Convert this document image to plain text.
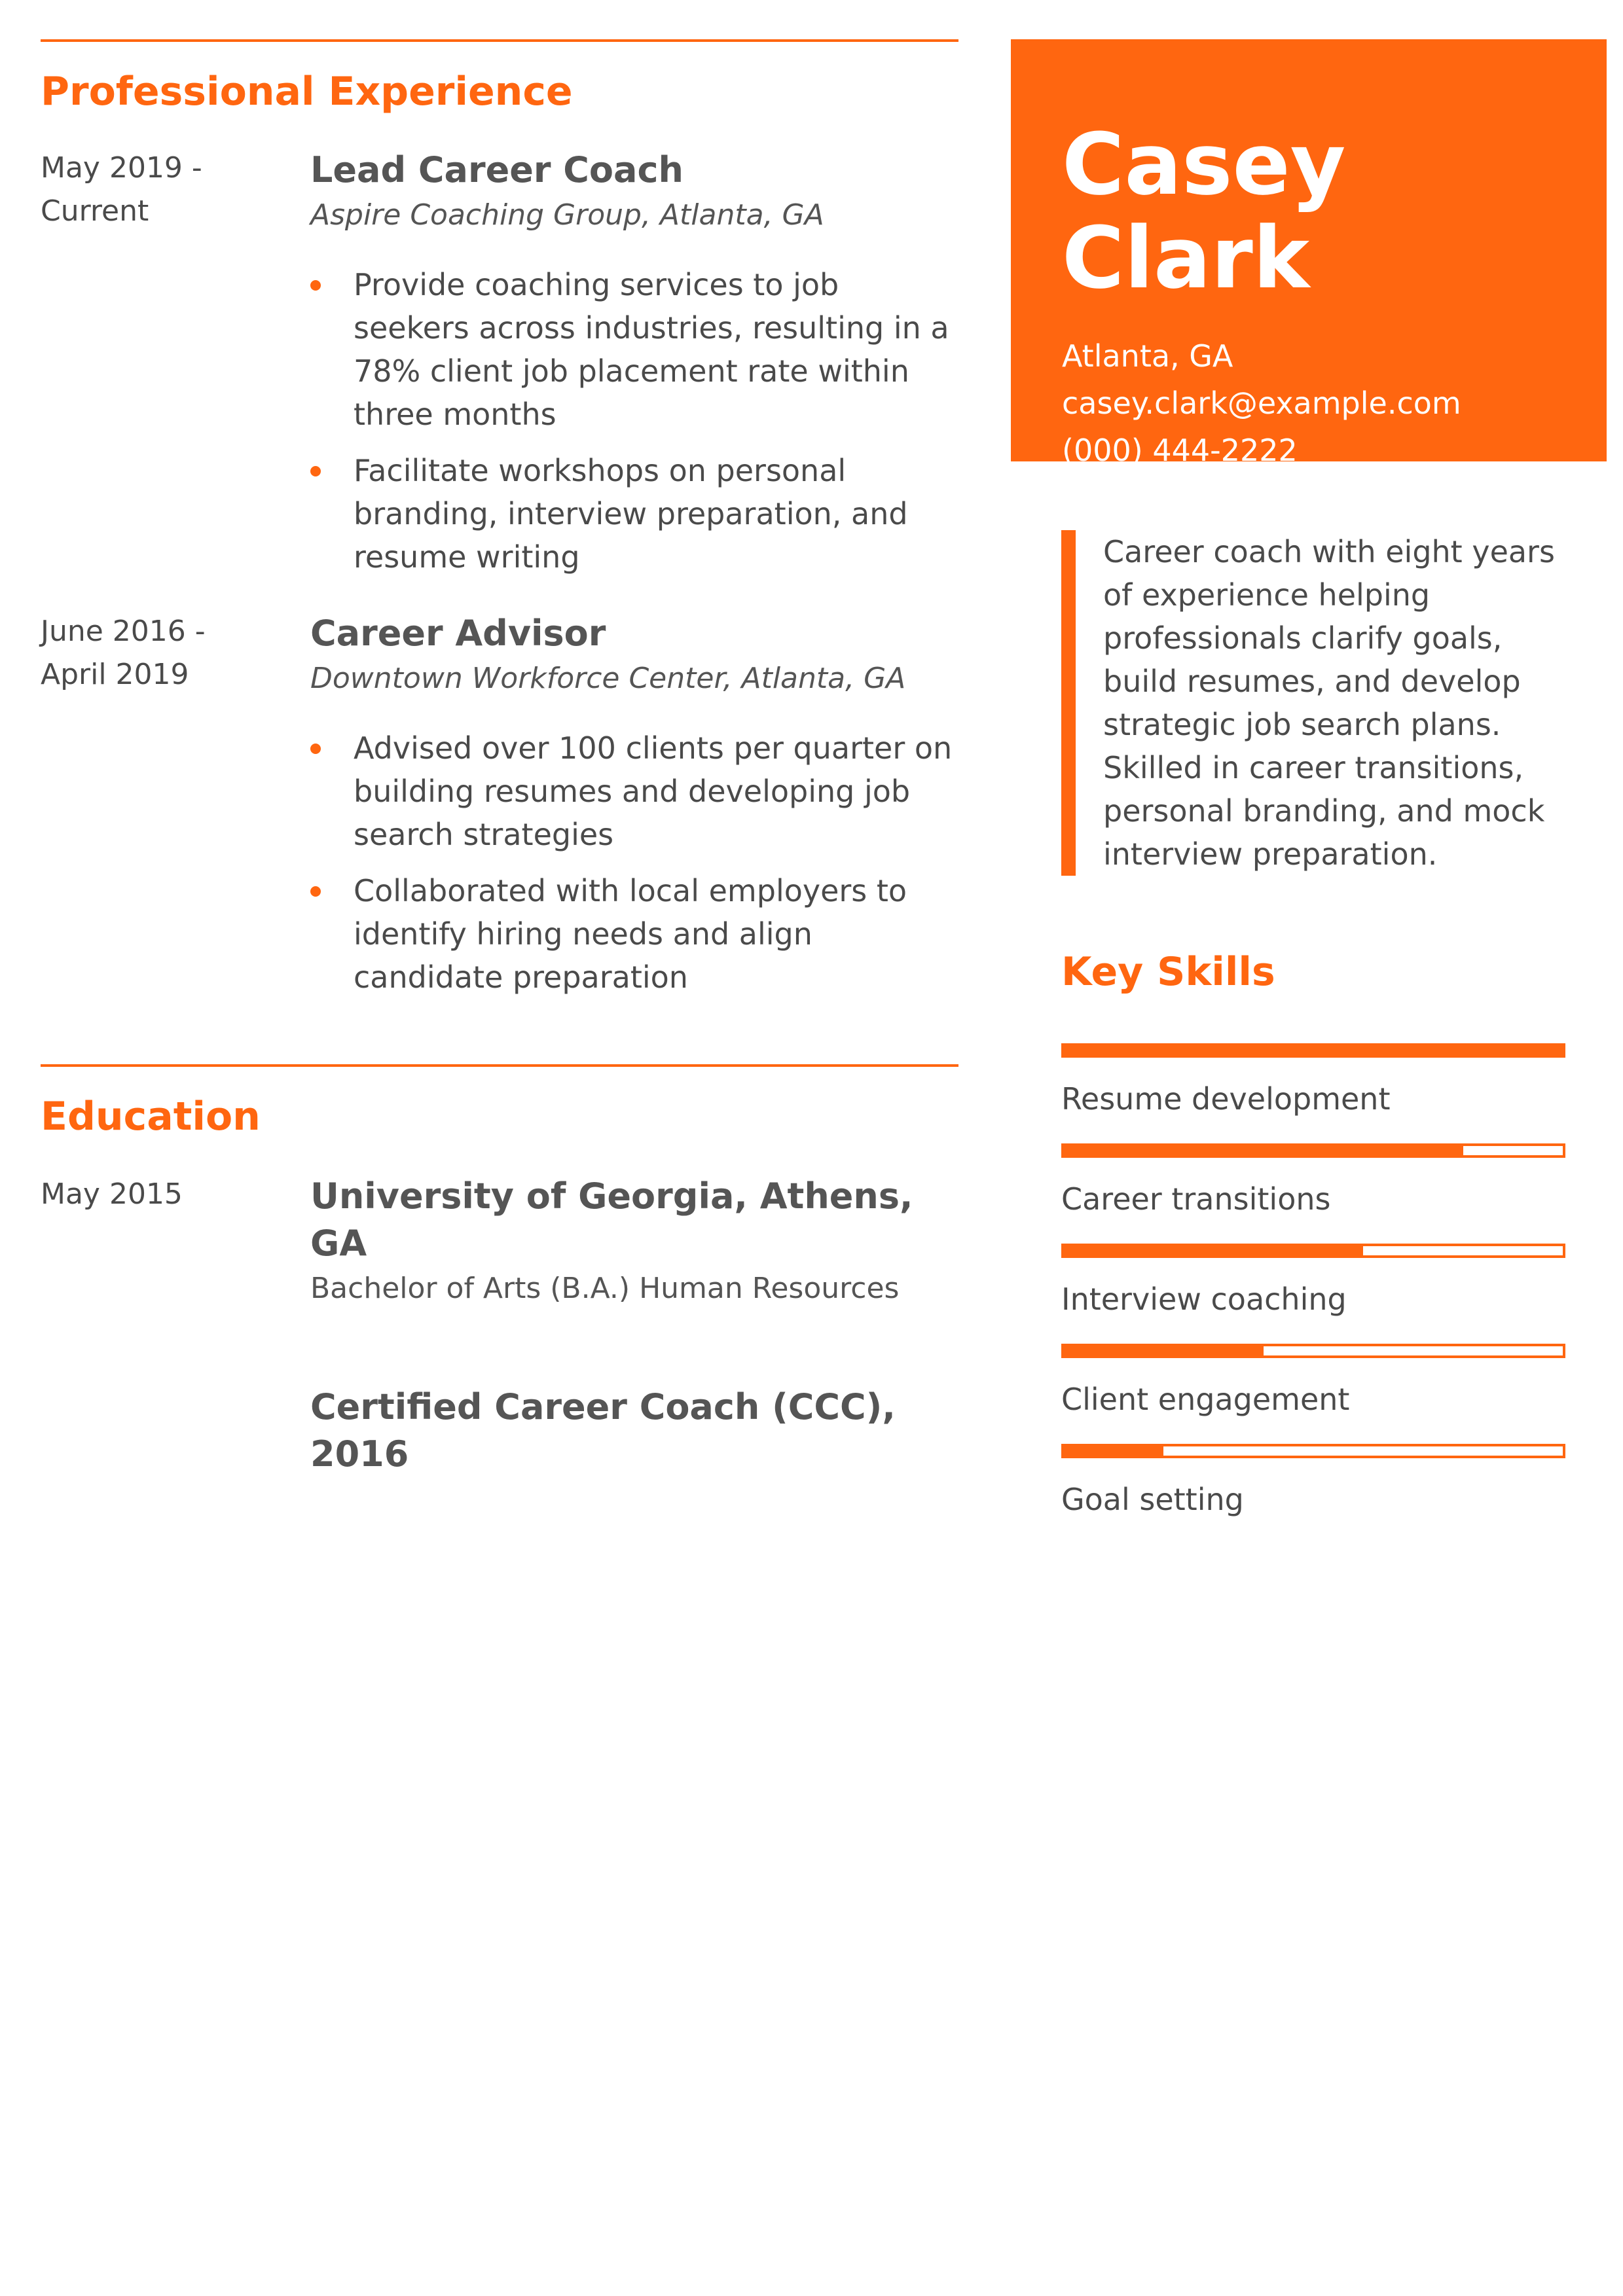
Professional Experience
May 2019 -
Current
Lead Career Coach
Aspire Coaching Group, Atlanta, GA
Provide coaching services to job seekers across industries, resulting in a 78% client job placement rate within three months
Facilitate workshops on personal branding, interview preparation, and resume writing
June 2016 -
April 2019
Career Advisor
Downtown Workforce Center, Atlanta, GA
Advised over 100 clients per quarter on building resumes and developing job search strategies
Collaborated with local employers to identify hiring needs and align candidate preparation
Education
May 2015	University of Georgia, Athens, GA
Bachelor of Arts (B.A.) Human Resources
Certified Career Coach (CCC), 2016
Casey Clark
Atlanta, GA
casey.clark@example.com
(000) 444-2222
WWW: LinkedIn
Career coach with eight years of experience helping professionals clarify goals, build resumes, and develop strategic job search plans. Skilled in career transitions, personal branding, and mock interview preparation.
Key Skills
Resume development
Career transitions
Interview coaching
Client engagement
Goal setting
